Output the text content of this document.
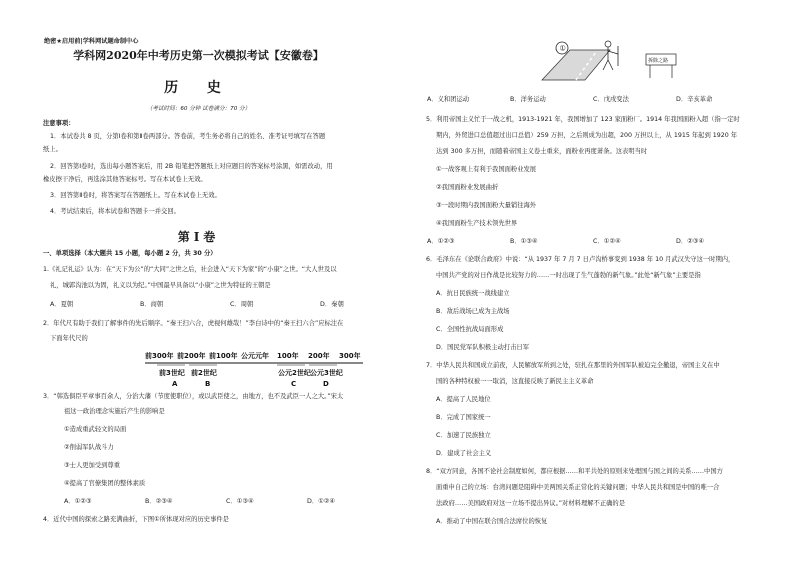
绝密★启用前|学科网试题命制中心
学科网2020年中考历史第一次模拟考试【安徽卷】
历 史
（考试时间：60 分钟 试卷满分：70 分）
注意事项：
1．本试卷共 8 页，分第Ⅰ卷和第Ⅱ卷两部分。答卷前，考生务必将自己的姓名、准考证号填写在答题
纸上。
2．回答第Ⅰ卷时，选出每小题答案后，用 2B 铅笔把答题纸上对应题目的答案标号涂黑，如需改动，用
橡皮擦干净后，再选涂其他答案标号。写在本试卷上无效。
3．回答第Ⅱ卷时，将答案写在答题纸上。写在本试卷上无效。
4．考试结束后，将本试卷和答题卡一并交回。
第Ⅰ卷
一、单项选择（本大题共 15 小题，每小题 2 分，共 30 分）
1.《礼记礼运》认为：在“天下为公”的“大同”之世之后，社会进入“天下为家”的“小康”之世。“大人世及以
礼，城郭沟池以为固，礼义以为纪。”中国最早具备以“小康”之世为特征的王朝是
A．夏朝	B．商朝	C．周朝	D．秦朝
2．年代尺有助于我们了解事件的先后顺序。“秦王扫六合，虎视何雄哉！”李白诗中的“秦王扫六合”应标注在
下面年代尺的
前300年 前200年 前100年 公元元年 100年 200年 300年
前3世纪 前2世纪	公元2世纪 公元3世纪
A	B	C	D
3．“韩选俱臣平章事百余人，分治大藩（节度使职位），或以武臣使之，由地方，也不及武臣一人之大。”宋太
祖这一政治理念实施后产生的影响是
①造成重武轻文的局面
②削弱军队战斗力
③士人更加受到尊重
④提高了官僚集团的整体素质
A．①②③	B．②③④	C．①③④	D．①②④
4．近代中国的探索之路充满曲折，下图①所体现对应的历史事件是
①
拆除之路
A．义和团运动	B．洋务运动	C．戊戌变法	D．辛亥革命
5．利用帝国主义忙于一战之机，1913-1921 年，我国增加了 123 家面粉厂。1914 年我国面粉入超（指一定时
期内，外贸进口总值超过出口总值）259 万担，之后则成为出超，200 万担以上，从 1915 年起到 1920 年
达到 300 多万担，而随着帝国主义卷土重来，面粉业再度萧条。这表明当时
①一战客观上有利于我国面粉业发展
②我国面粉业发展曲折
③一段时期内我国面粉大量销往海外
④我国面粉生产技术领先世界
A．①②③	B．①③④	C．①②④	D．②③④
6．毛泽东在《论联合政府》中说：“从 1937 年 7 月 7 日卢沟桥事变到 1938 年 10 月武汉失守这一时期内，
中国共产党的对日作战是比较努力的……一时出现了生气蓬勃的新气象。”此处“新气象”主要是指
A．抗日民族统一战线建立
B．敌后战场已成为主战场
C．全国性抗战局面形成
D．国民党军队积极主动打击日军
7．中华人民共和国成立前夜，人民解放军所到之处，驻扎在那里的外国军队被迫完全撤退，帝国主义在中
国的各种特权被一一取消，这直接反映了新民主主义革命
A．提高了人民地位
B．完成了国家统一
C．加速了民族独立
D．建成了社会主义
8．“双方同意，各国不论社会制度如何，都应根据……和平共处的原则来处理国与国之间的关系……中国方
面重申自己的立场：台湾问题是阻碍中美两国关系正常化的关键问题；中华人民共和国是中国的唯一合
法政府……美国政府对这一立场不提出异议。”对材料理解不正确的是
A．推动了中国在联合国合法席位的恢复
